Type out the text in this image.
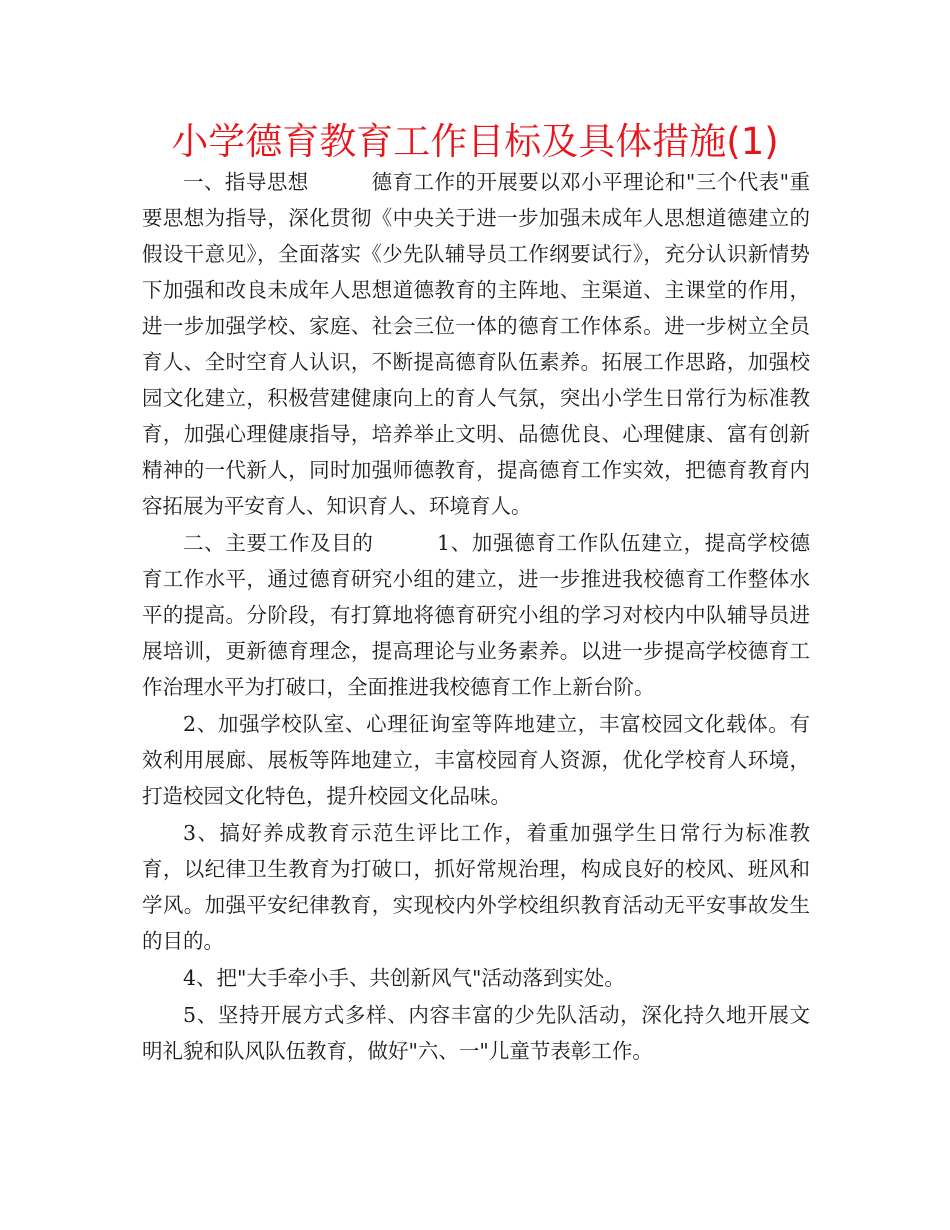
小学德育教育工作目标及具体措施(1)

一、指导思想　　　德育工作的开展要以邓小平理论和"三个代表"重要思想为指导，深化贯彻《中央关于进一步加强未成年人思想道德建立的假设干意见》，全面落实《少先队辅导员工作纲要试行》，充分认识新情势下加强和改良未成年人思想道德教育的主阵地、主渠道、主课堂的作用，进一步加强学校、家庭、社会三位一体的德育工作体系。进一步树立全员育人、全时空育人认识，不断提高德育队伍素养。拓展工作思路，加强校园文化建立，积极营建健康向上的育人气氛，突出小学生日常行为标准教育，加强心理健康指导，培养举止文明、品德优良、心理健康、富有创新精神的一代新人，同时加强师德教育，提高德育工作实效，把德育教育内容拓展为平安育人、知识育人、环境育人。

二、主要工作及目的　　　1、加强德育工作队伍建立，提高学校德育工作水平，通过德育研究小组的建立，进一步推进我校德育工作整体水平的提高。分阶段，有打算地将德育研究小组的学习对校内中队辅导员进展培训，更新德育理念，提高理论与业务素养。以进一步提高学校德育工作治理水平为打破口，全面推进我校德育工作上新台阶。

2、加强学校队室、心理征询室等阵地建立，丰富校园文化载体。有效利用展廊、展板等阵地建立，丰富校园育人资源，优化学校育人环境，打造校园文化特色，提升校园文化品味。

3、搞好养成教育示范生评比工作，着重加强学生日常行为标准教育，以纪律卫生教育为打破口，抓好常规治理，构成良好的校风、班风和学风。加强平安纪律教育，实现校内外学校组织教育活动无平安事故发生的目的。

4、把"大手牵小手、共创新风气"活动落到实处。

5、坚持开展方式多样、内容丰富的少先队活动，深化持久地开展文明礼貌和队风队伍教育，做好"六、一"儿童节表彰工作。
